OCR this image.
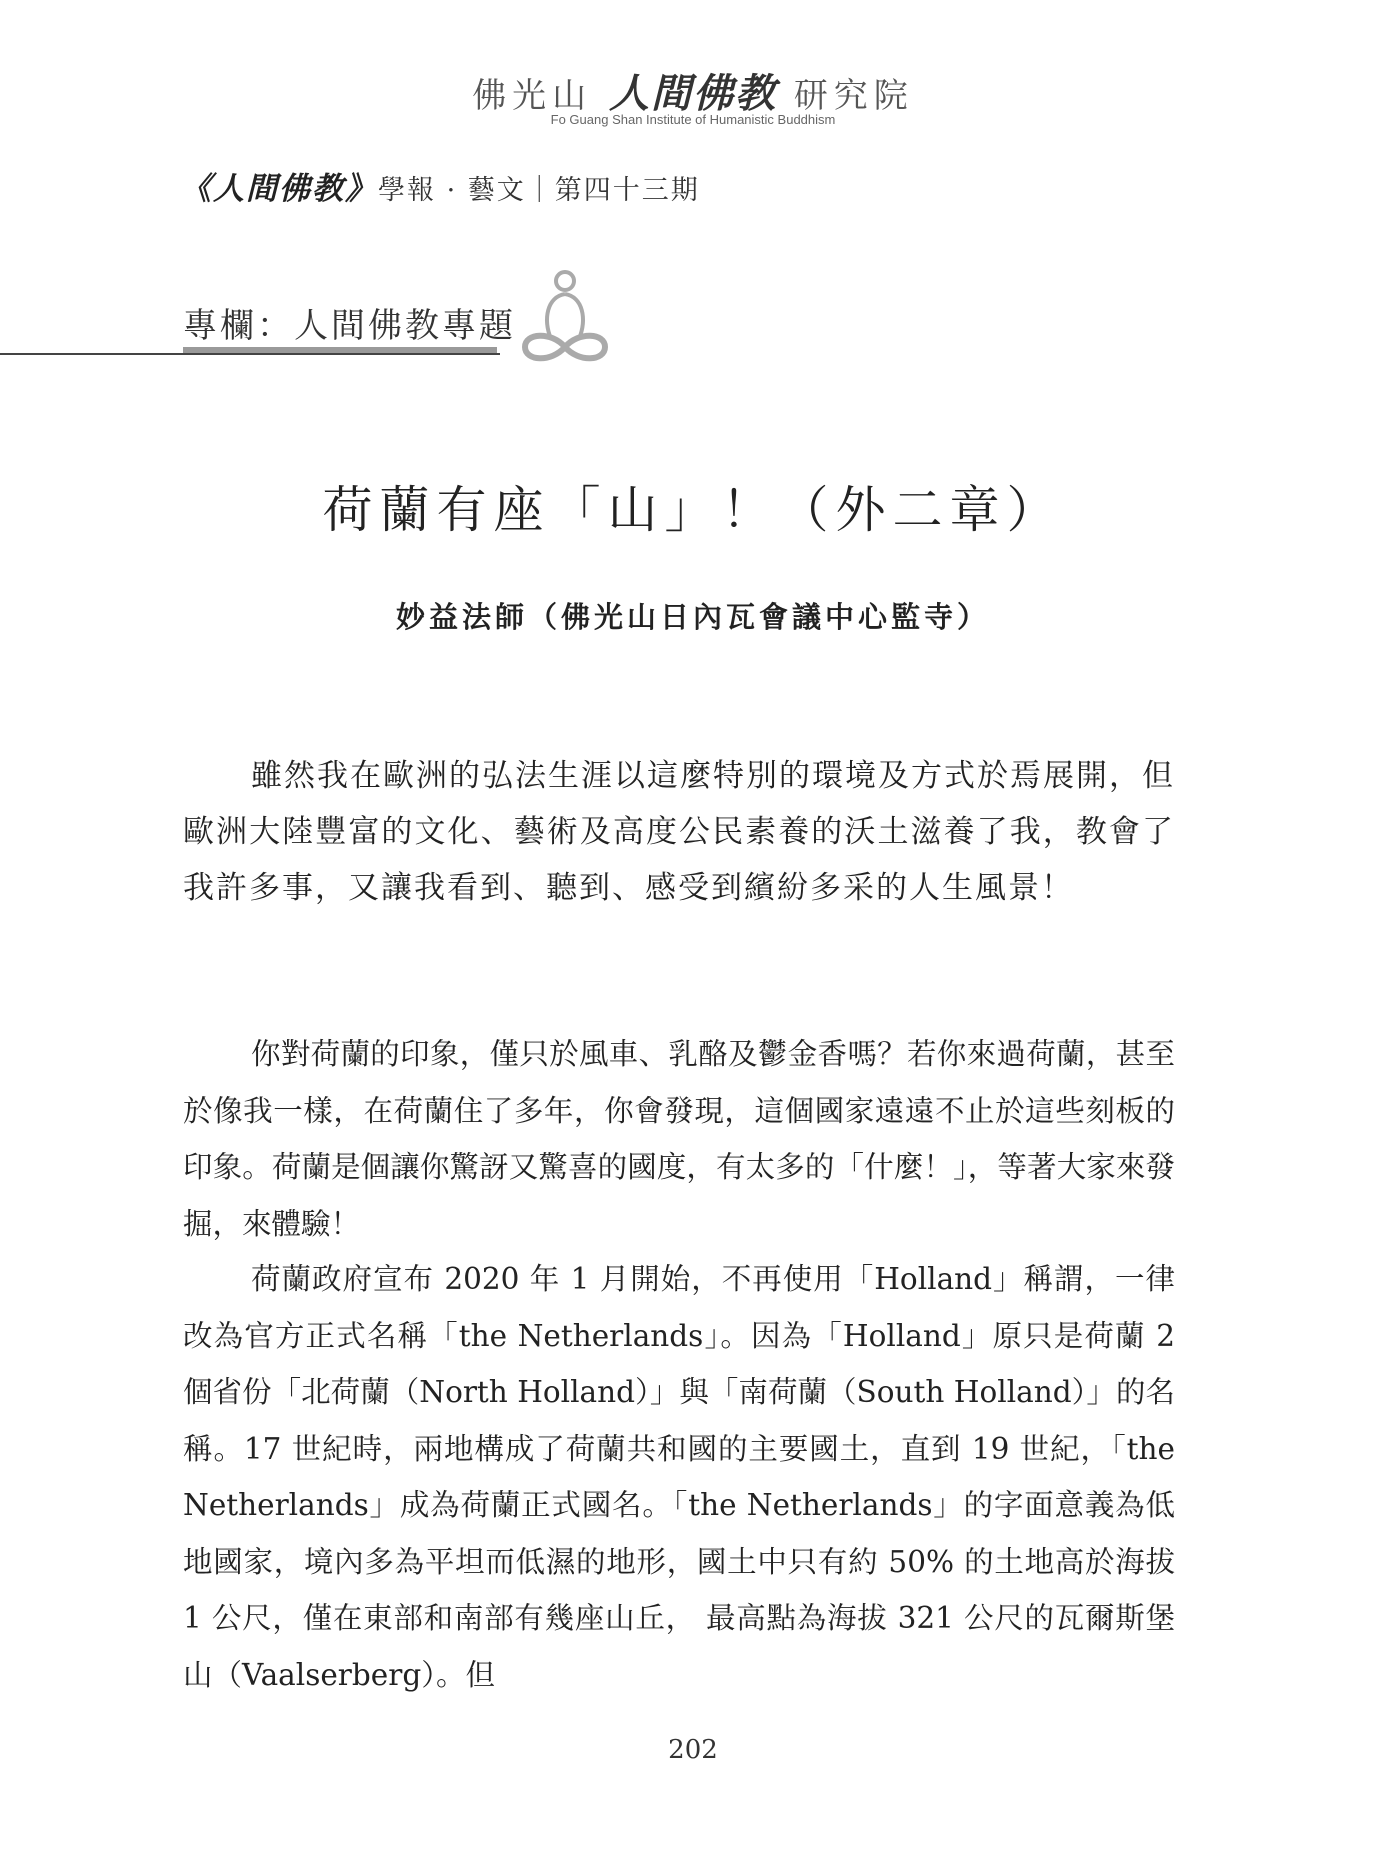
佛光山 人間佛教 研究院
Fo Guang Shan Institute of Humanistic Buddhism
《人間佛教》學報 · 藝文｜第四十三期
專欄：人間佛教專題
荷蘭有座「山」！（外二章）
妙益法師（佛光山日內瓦會議中心監寺）

雖然我在歐洲的弘法生涯以這麼特別的環境及方式於焉展開，但歐洲大陸豐富的文化、藝術及高度公民素養的沃土滋養了我，教會了我許多事，又讓我看到、聽到、感受到繽紛多采的人生風景！

你對荷蘭的印象，僅只於風車、乳酪及鬱金香嗎？若你來過荷蘭，甚至於像我一樣，在荷蘭住了多年，你會發現，這個國家遠遠不止於這些刻板的印象。荷蘭是個讓你驚訝又驚喜的國度，有太多的「什麼！」，等著大家來發掘，來體驗！

荷蘭政府宣布 2020 年 1 月開始，不再使用「Holland」稱謂，一律改為官方正式名稱「the Netherlands」。因為「Holland」原只是荷蘭 2 個省份「北荷蘭（North Holland）」與「南荷蘭（South Holland）」的名稱。17 世紀時，兩地構成了荷蘭共和國的主要國土，直到 19 世紀，「the Netherlands」成為荷蘭正式國名。「the Netherlands」的字面意義為低地國家，境內多為平坦而低濕的地形，國土中只有約 50% 的土地高於海拔 1 公尺，僅在東部和南部有幾座山丘， 最高點為海拔 321 公尺的瓦爾斯堡山（Vaalserberg）。但

202
